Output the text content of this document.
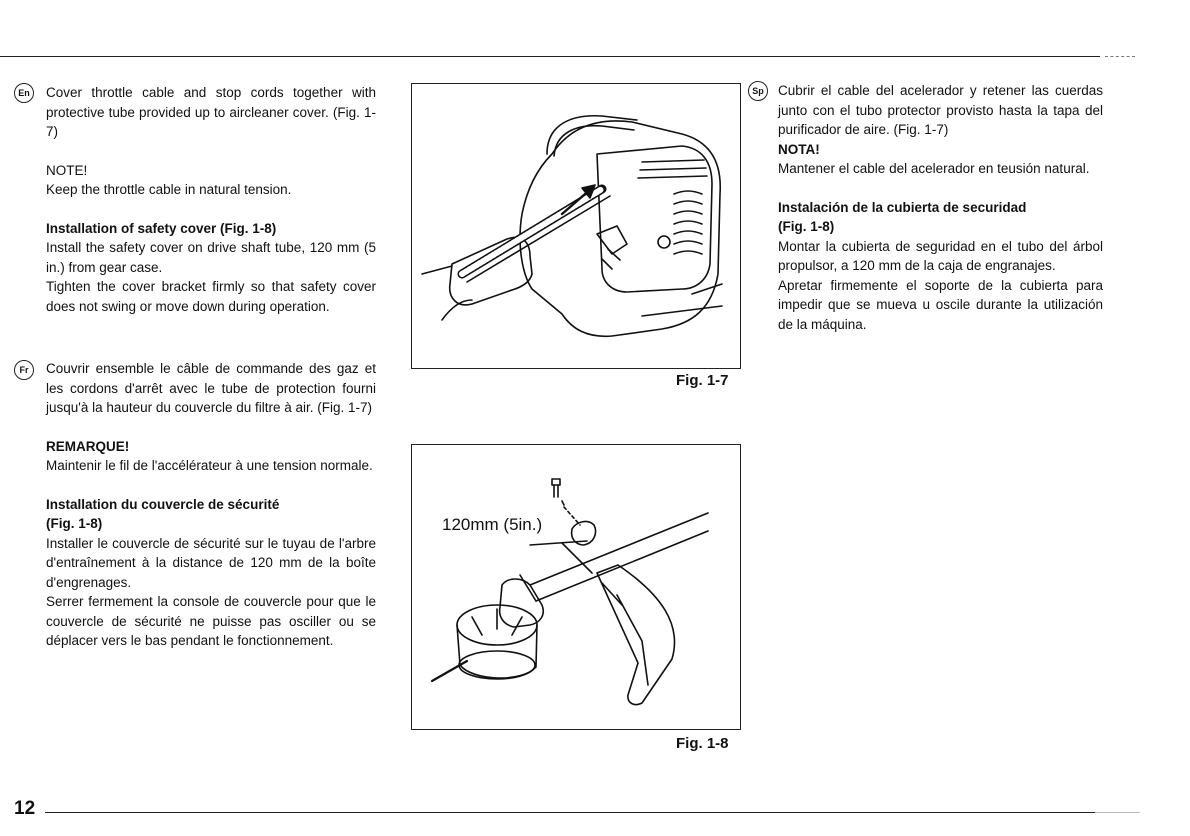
En	Cover throttle cable and stop cords together with protective tube provided up to aircleaner cover. (Fig. 1-7)

NOTE!

Keep the throttle cable in natural tension.

Installation of safety cover (Fig. 1-8)

Install the safety cover on drive shaft tube, 120 mm (5 in.) from gear case.

Tighten the cover bracket firmly so that safety cover does not swing or move down during operation.

Fr	Couvrir ensemble le câble de commande des gaz et les cordons d'arrêt avec le tube de protection fourni jusqu'à la hauteur du couvercle du filtre à air. (Fig. 1-7)

REMARQUE!

Maintenir le fil de l'accélérateur à une tension normale.

Installation du couvercle de sécurité

(Fig. 1-8)

Installer le couvercle de sécurité sur le tuyau de l'arbre d'entraînement à la distance de 120 mm de la boîte d'engrenages.

Serrer fermement la console de couvercle pour que le couvercle de sécurité ne puisse pas osciller ou se déplacer vers le bas pendant le fonctionnement.

Sp	Cubrir el cable del acelerador y retener las cuerdas junto con el tubo protector provisto hasta la tapa del purificador de aire. (Fig. 1-7)

NOTA!

Mantener el cable del acelerador en teusión natural.

Instalación de la cubierta de securidad

(Fig. 1-8)

Montar la cubierta de seguridad en el tubo del árbol propulsor, a 120 mm de la caja de engranajes.

Apretar firmemente el soporte de la cubierta para impedir que se mueva u oscile durante la utilización de la máquina.

Fig. 1-7
120mm (5in.)
Fig. 1-8
12
